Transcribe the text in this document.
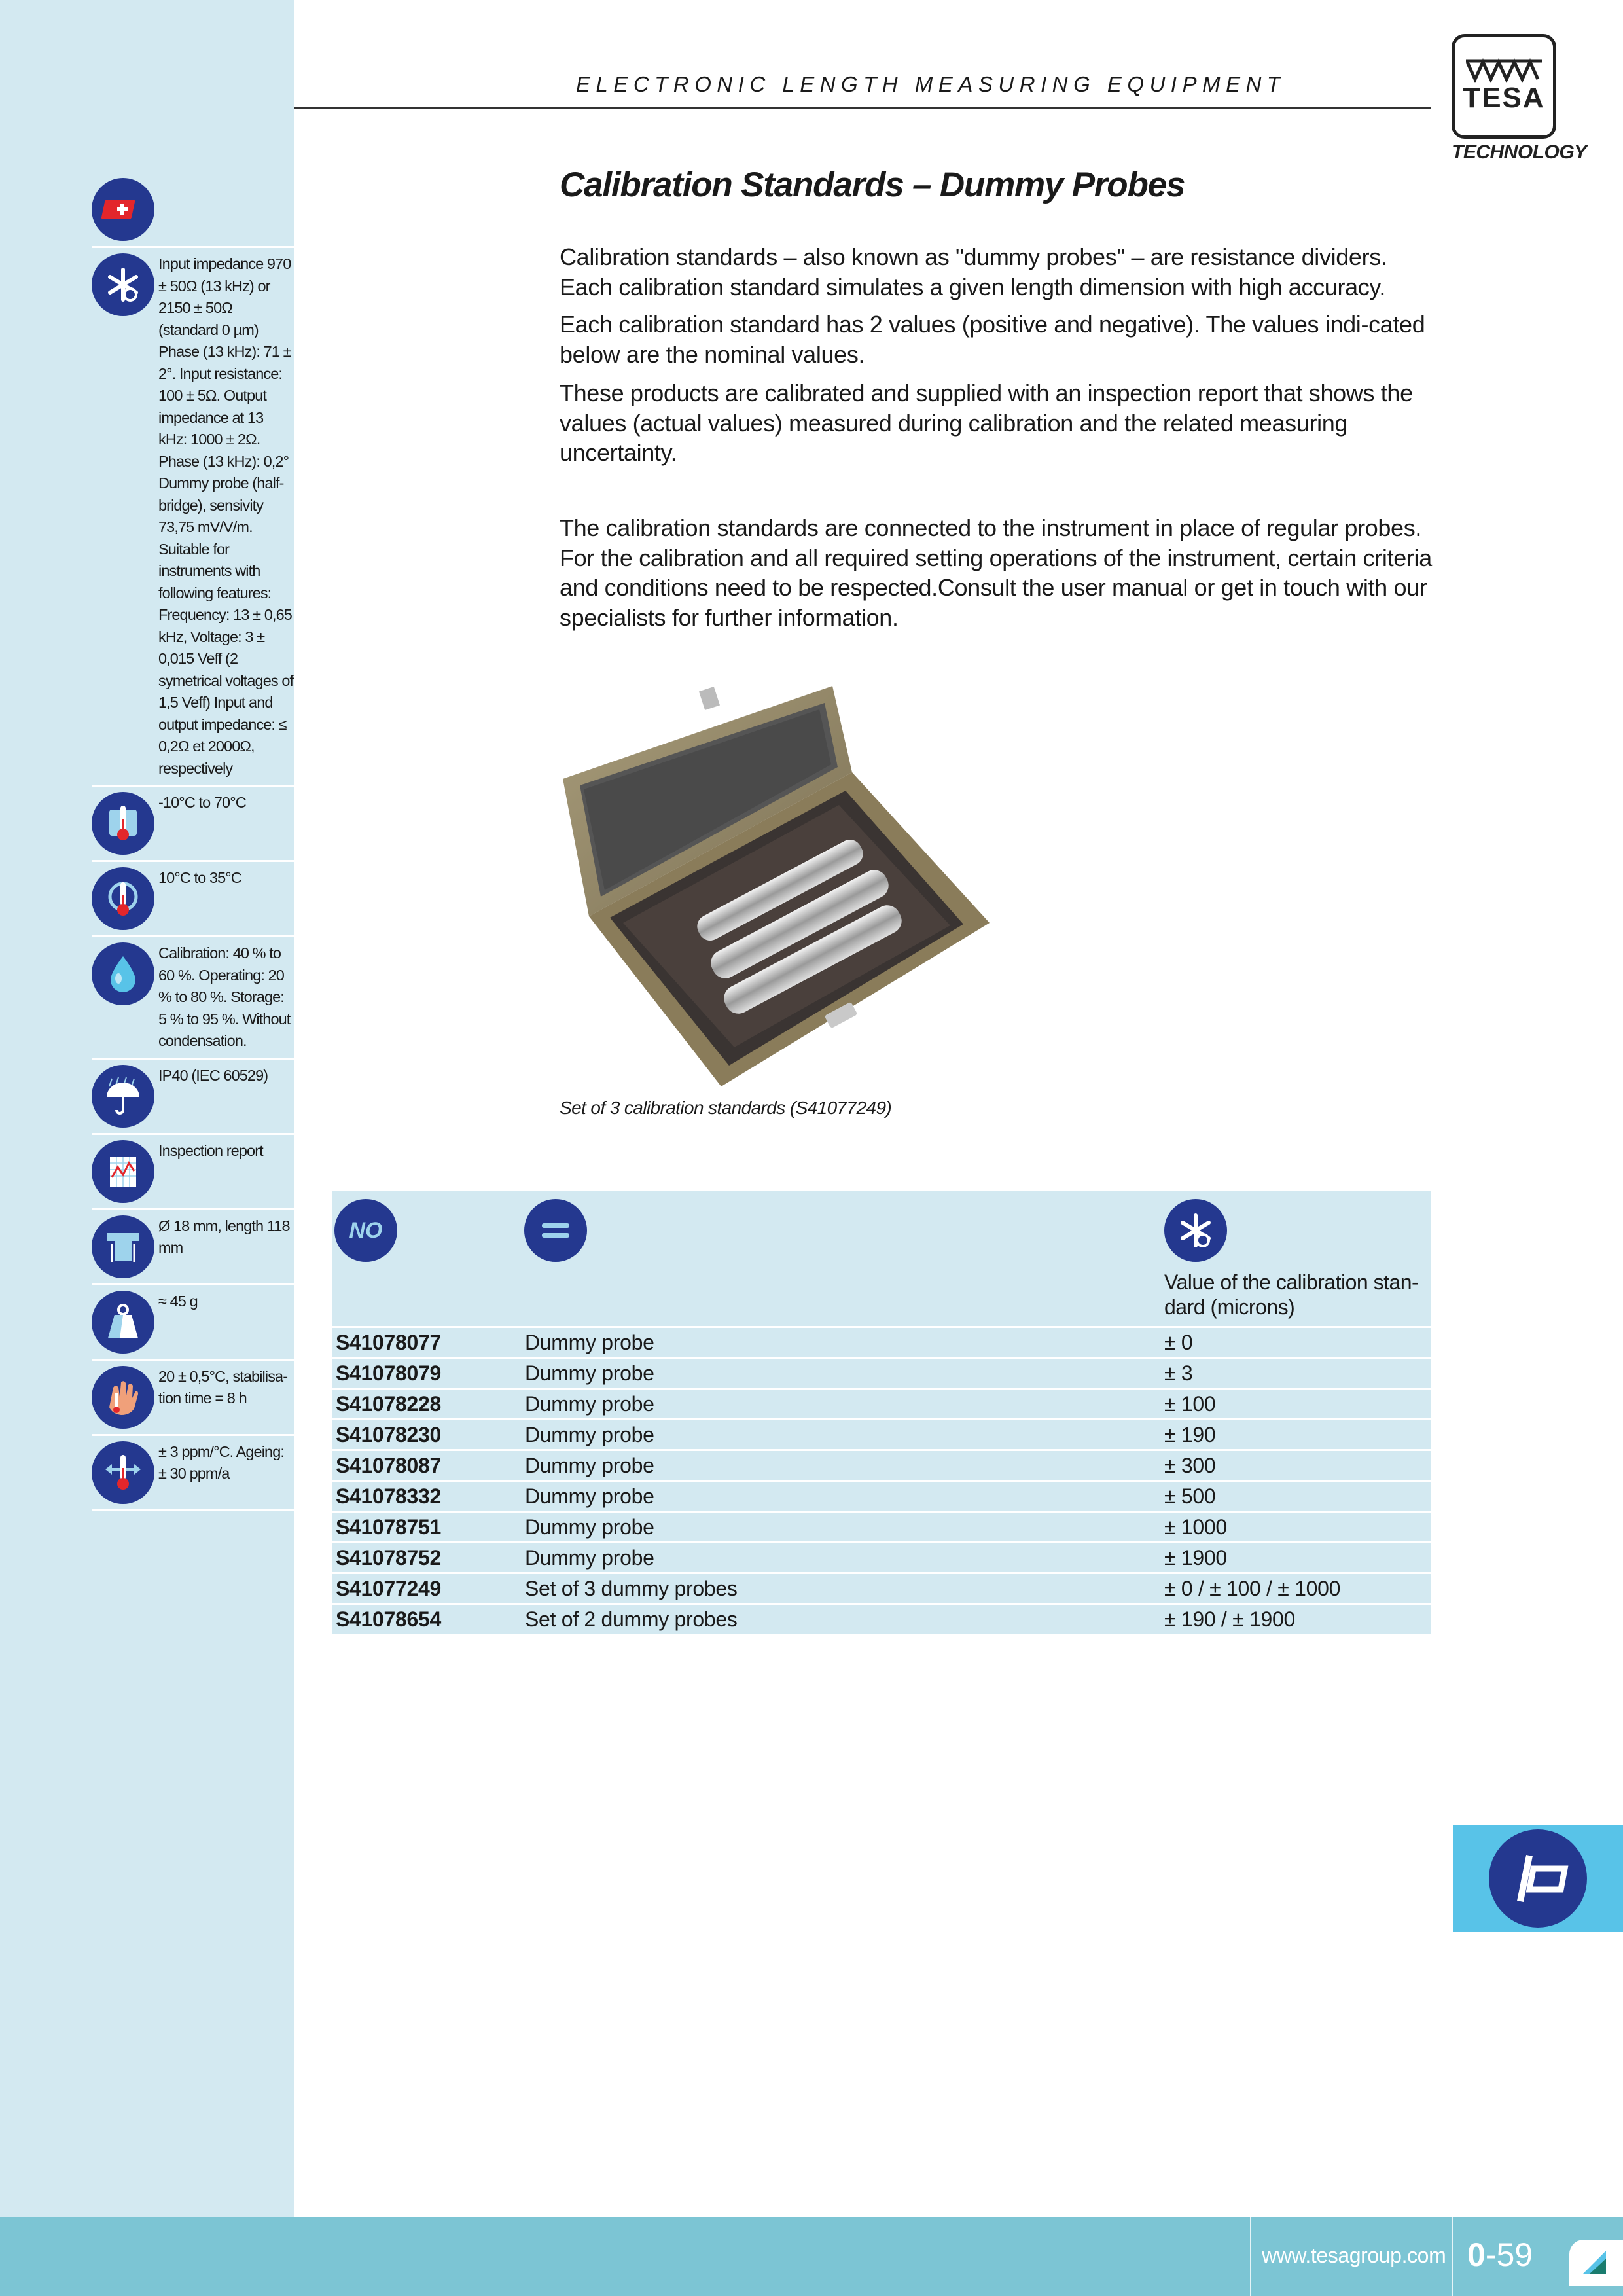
Input impedance 970 ± 50Ω (13 kHz) or 2150 ± 50Ω (standard 0 µm) Phase (13 kHz): 71 ± 2°. Input resistance: 100 ± 5Ω. Output impedance at 13 kHz: 1000 ± 2Ω. Phase (13 kHz): 0,2° Dummy probe (half-bridge), sensivity 73,75 mV/V/m. Suitable for instruments with following features: Frequency: 13 ± 0,65 kHz, Voltage: 3 ± 0,015 Veff (2 symetrical voltages of 1,5 Veff) Input and output impedance: ≤ 0,2Ω et 2000Ω, respectively
-10°C to 70°C
10°C to 35°C
Calibration: 40 % to 60 %. Operating: 20 % to 80 %. Storage: 5 % to 95 %. Without condensation.
IP40 (IEC 60529)
Inspection report
Ø 18 mm, length 118 mm
≈ 45 g
20 ± 0,5°C, stabilisa-tion time = 8 h
± 3 ppm/°C. Ageing: ± 30 ppm/a
ELECTRONIC LENGTH MEASURING EQUIPMENT	TESA
TECHNOLOGY
Calibration Standards – Dummy Probes
Calibration standards – also known as "dummy probes" – are resistance dividers. Each calibration standard simulates a given length dimension with high accuracy.
Each calibration standard has 2 values (positive and negative). The values indi-cated below are the nominal values.
These products are calibrated and supplied with an inspection report that shows the values (actual values) measured during calibration and the related measuring uncertainty.
The calibration standards are connected to the instrument in place of regular probes. For the calibration and all required setting operations of the instrument, certain criteria and conditions need to be respected.Consult the user manual or get in touch with our specialists for further information.
Set of 3 calibration standards (S41077249)
NO
Value of the calibration stan-dard (microns)
S41078077	Dummy probe	± 0
S41078079	Dummy probe	± 3
S41078228	Dummy probe	± 100
S41078230	Dummy probe	± 190
S41078087	Dummy probe	± 300
S41078332	Dummy probe	± 500
S41078751	Dummy probe	± 1000
S41078752	Dummy probe	± 1900
S41077249	Set of 3 dummy probes	± 0 / ± 100 / ± 1000
S41078654	Set of 2 dummy probes	± 190 / ± 1900
www.tesagroup.com 0-59
